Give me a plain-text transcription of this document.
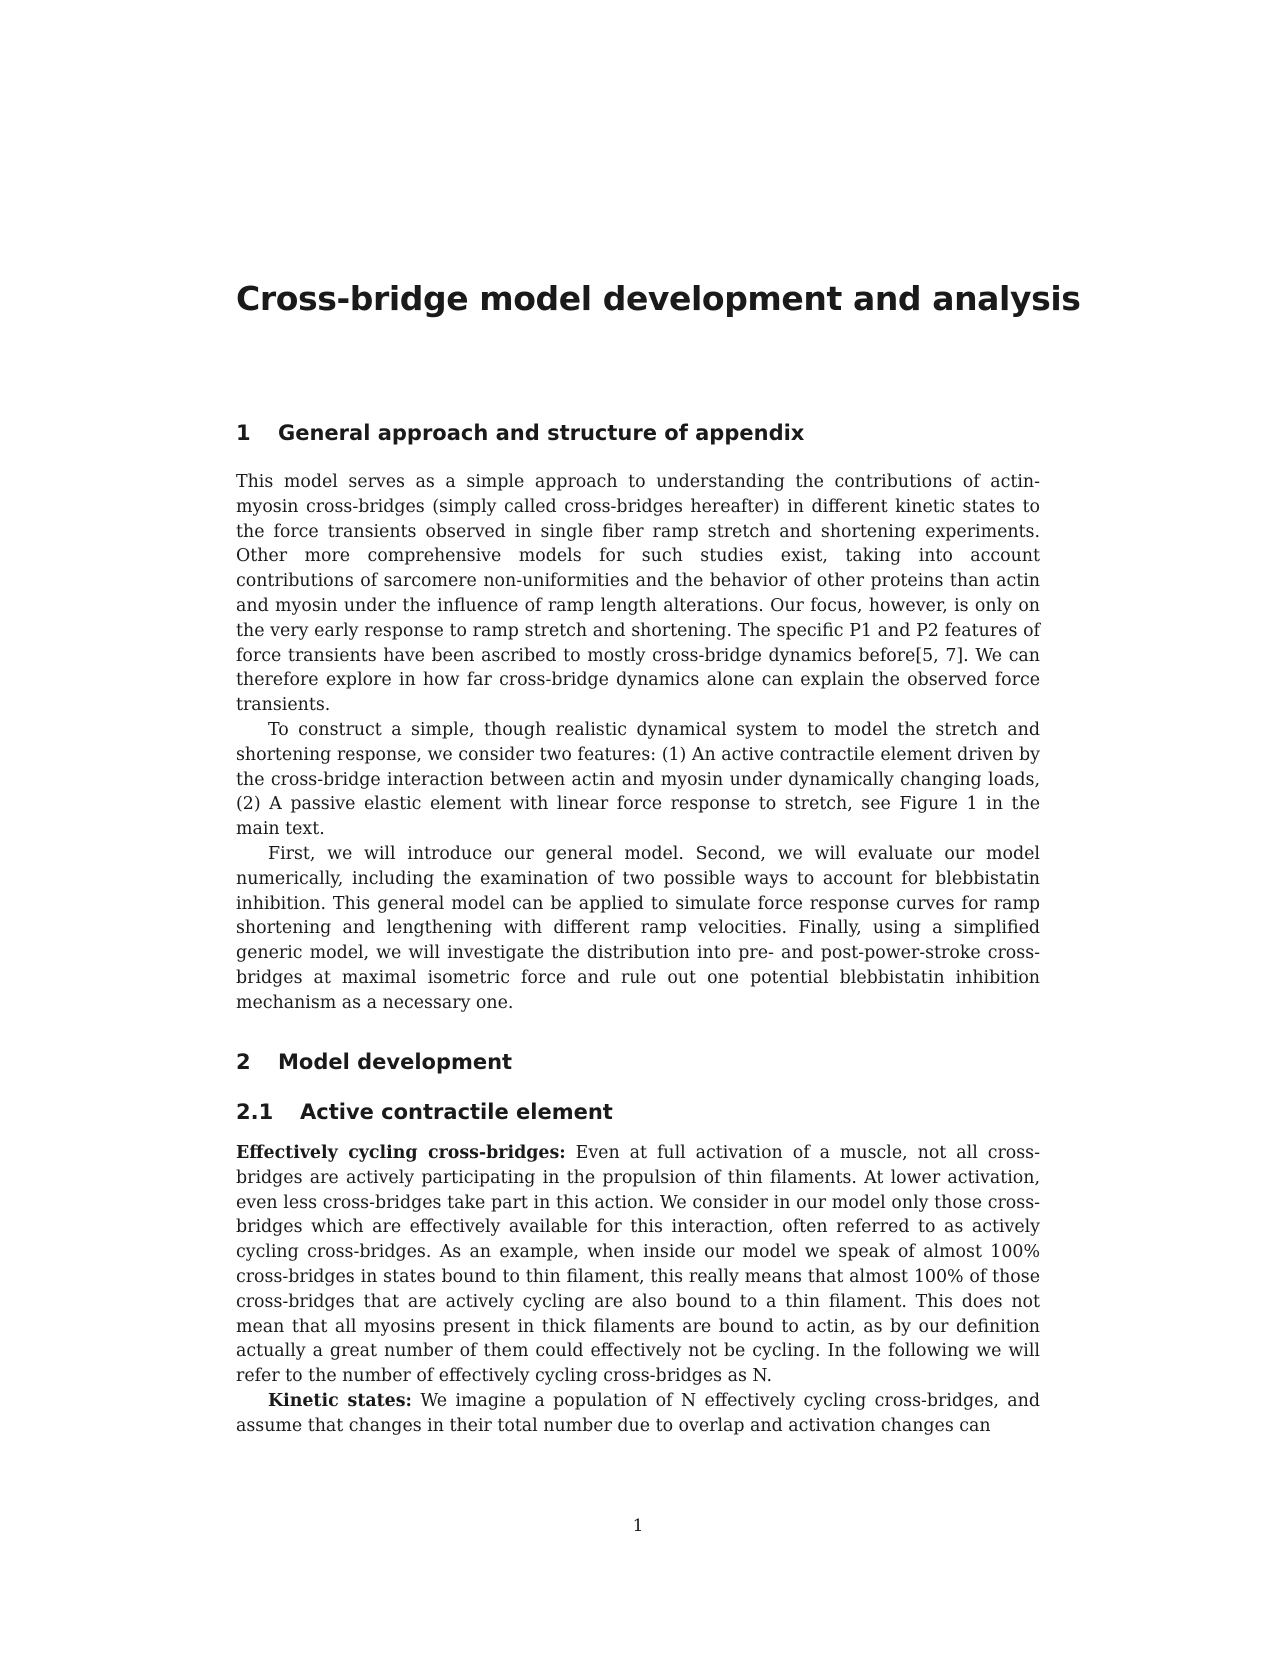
Cross-bridge model development and analysis
1 General approach and structure of appendix

This model serves as a simple approach to understanding the contributions of actin-myosin cross-bridges (simply called cross-bridges hereafter) in different kinetic states to the force transients observed in single fiber ramp stretch and shortening experiments. Other more comprehensive models for such studies exist, taking into account contributions of sarcomere non-uniformities and the behavior of other proteins than actin and myosin under the influence of ramp length alterations. Our focus, however, is only on the very early response to ramp stretch and shortening. The specific P1 and P2 features of force transients have been ascribed to mostly cross-bridge dynamics before[5, 7]. We can therefore explore in how far cross-bridge dynamics alone can explain the observed force transients.

To construct a simple, though realistic dynamical system to model the stretch and shortening response, we consider two features: (1) An active contractile element driven by the cross-bridge interaction between actin and myosin under dynamically changing loads, (2) A passive elastic element with linear force response to stretch, see Figure 1 in the main text.

First, we will introduce our general model. Second, we will evaluate our model numerically, including the examination of two possible ways to account for blebbistatin inhibition. This general model can be applied to simulate force response curves for ramp shortening and lengthening with different ramp velocities. Finally, using a simplified generic model, we will investigate the distribution into pre- and post-power-stroke cross-bridges at maximal isometric force and rule out one potential blebbistatin inhibition mechanism as a necessary one.

2 Model development
2.1 Active contractile element

Effectively cycling cross-bridges: Even at full activation of a muscle, not all cross-bridges are actively participating in the propulsion of thin filaments. At lower activation, even less cross-bridges take part in this action. We consider in our model only those cross-bridges which are effectively available for this interaction, often referred to as actively cycling cross-bridges. As an example, when inside our model we speak of almost 100% cross-bridges in states bound to thin filament, this really means that almost 100% of those cross-bridges that are actively cycling are also bound to a thin filament. This does not mean that all myosins present in thick filaments are bound to actin, as by our definition actually a great number of them could effectively not be cycling. In the following we will refer to the number of effectively cycling cross-bridges as N.

Kinetic states: We imagine a population of N effectively cycling cross-bridges, and assume that changes in their total number due to overlap and activation changes can

1
